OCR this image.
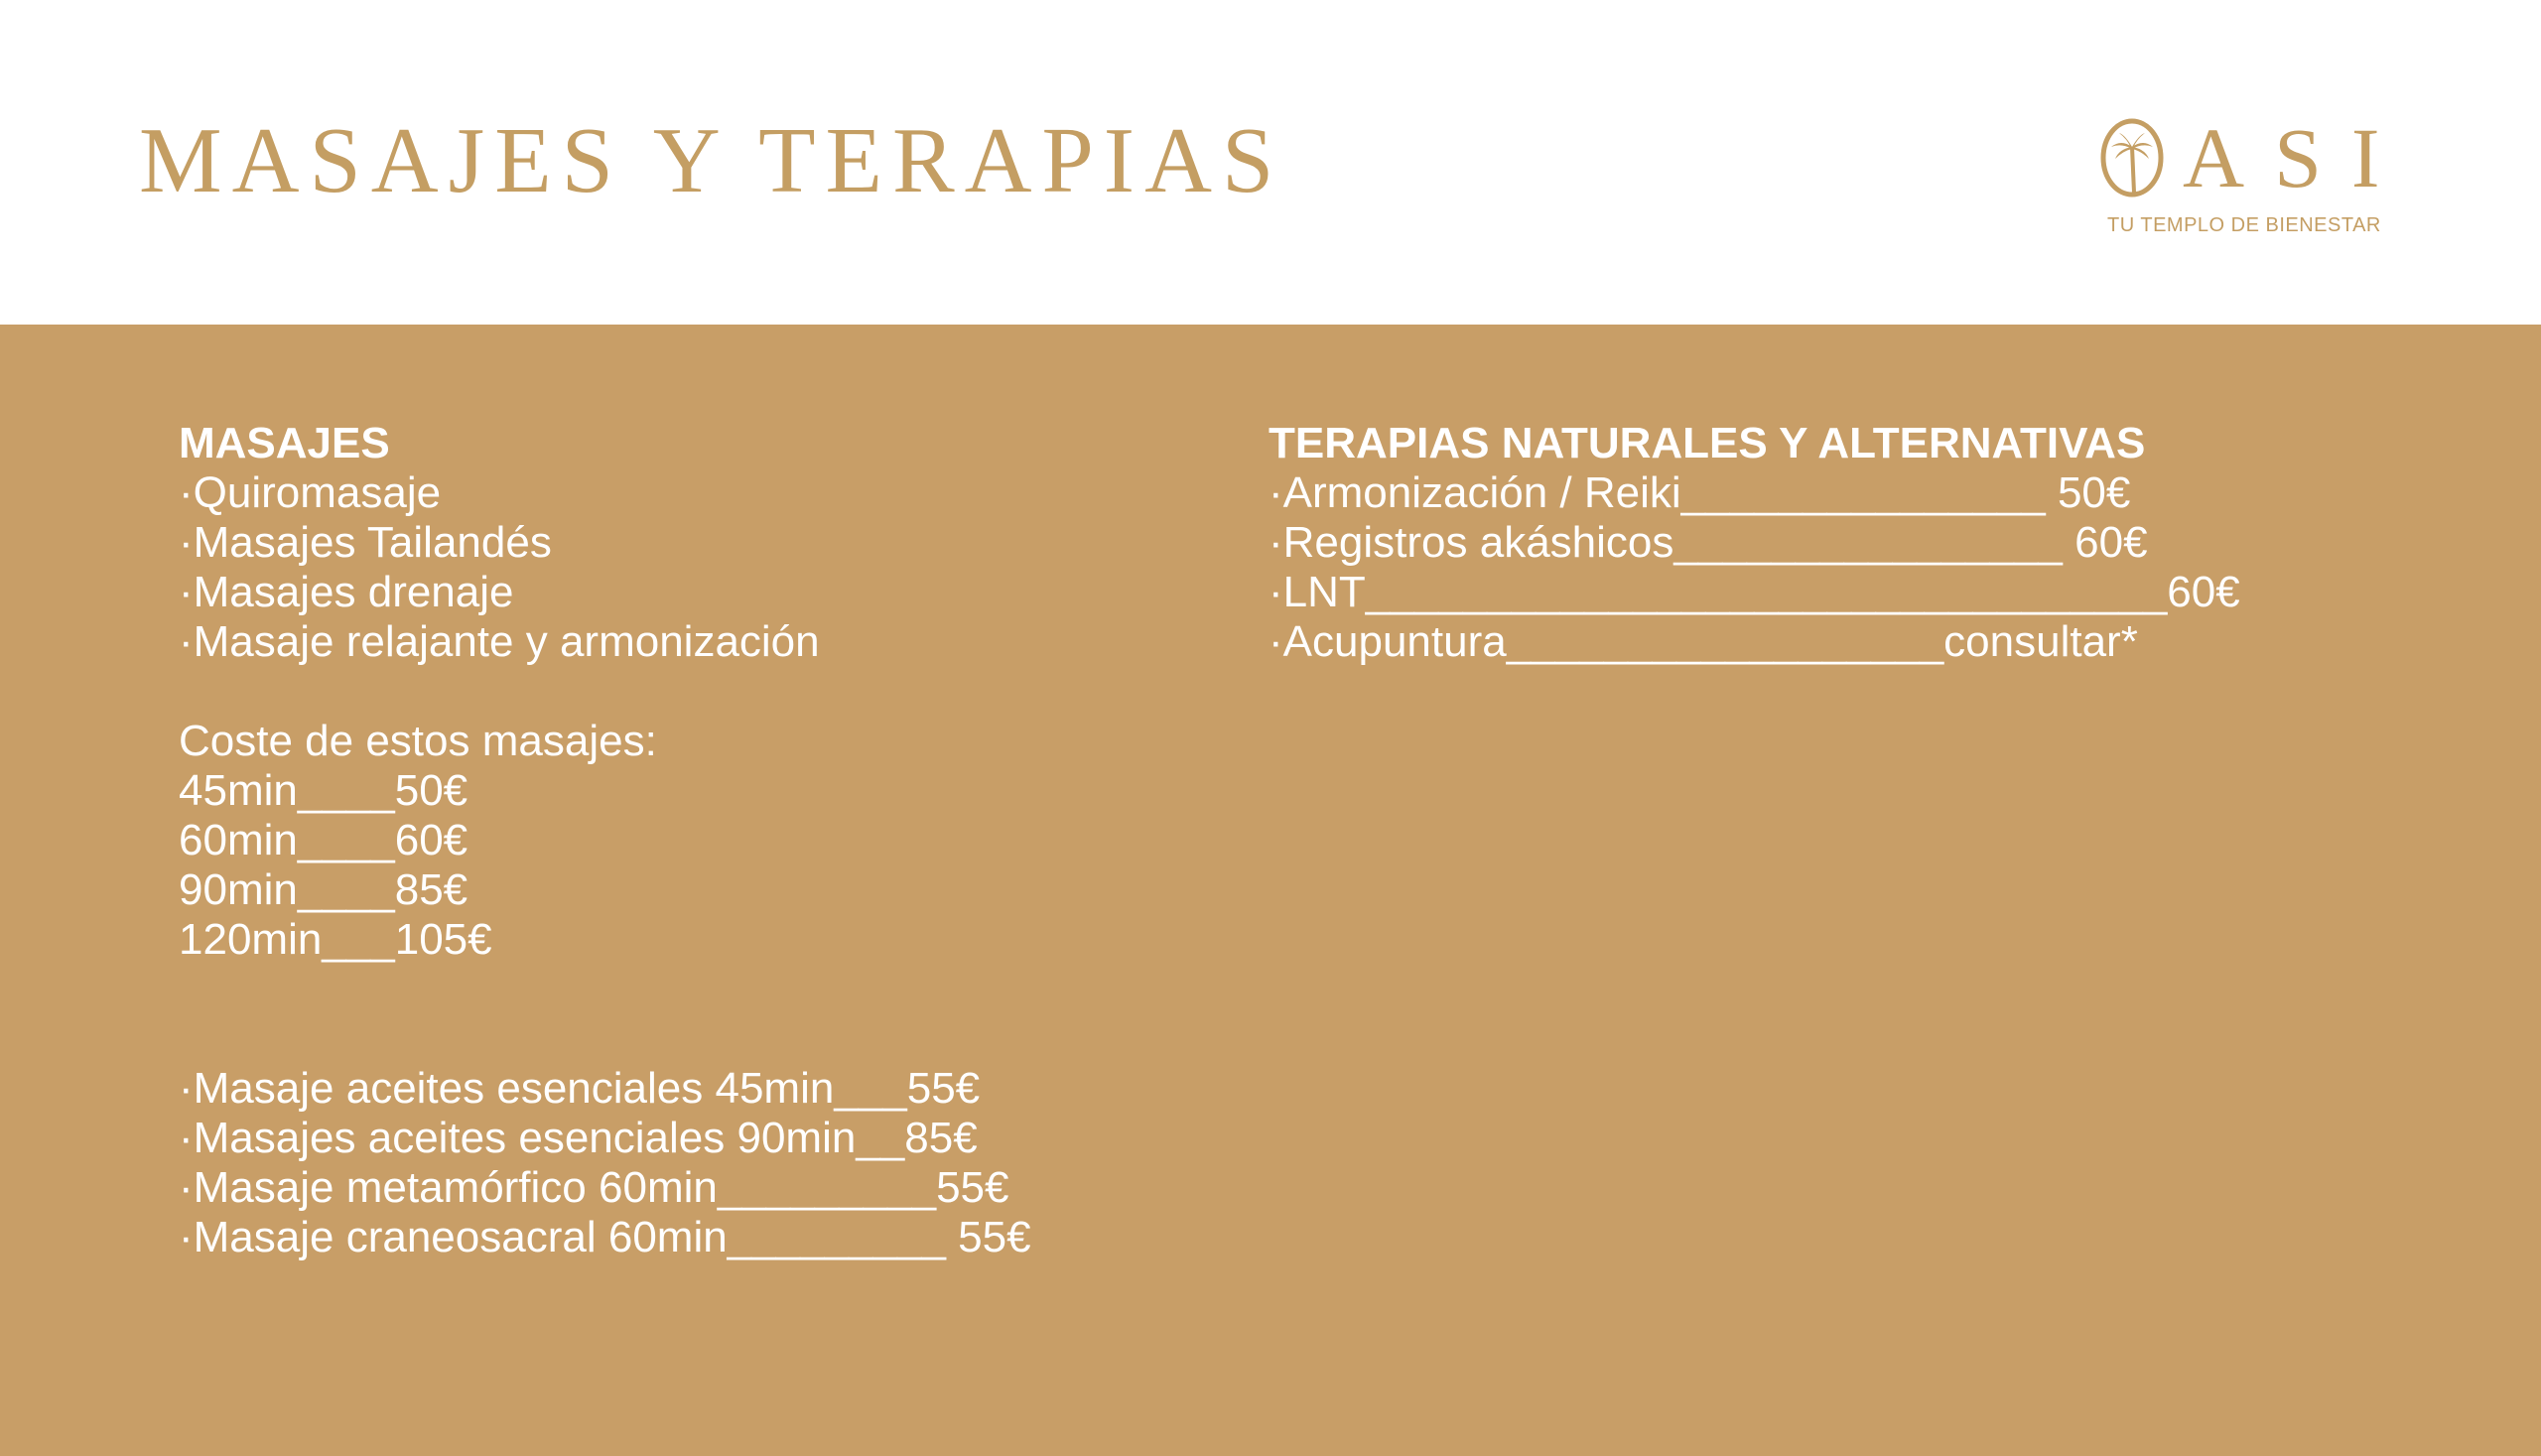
MASAJES Y TERAPIAS	ASI
TU TEMPLO DE BIENESTAR
MASAJES
·Quiromasaje
·Masajes Tailandés
·Masajes drenaje
·Masaje relajante y armonización
Coste de estos masajes:
45min____50€
60min____60€
90min____85€
120min___105€
·Masaje aceites esenciales 45min___55€
·Masajes aceites esenciales 90min__85€
·Masaje metamórfico 60min_________55€
·Masaje craneosacral 60min_________ 55€
TERAPIAS NATURALES Y ALTERNATIVAS
·Armonización / Reiki_______________ 50€
·Registros akáshicos________________ 60€
·LNT_________________________________60€
·Acupuntura__________________consultar*
